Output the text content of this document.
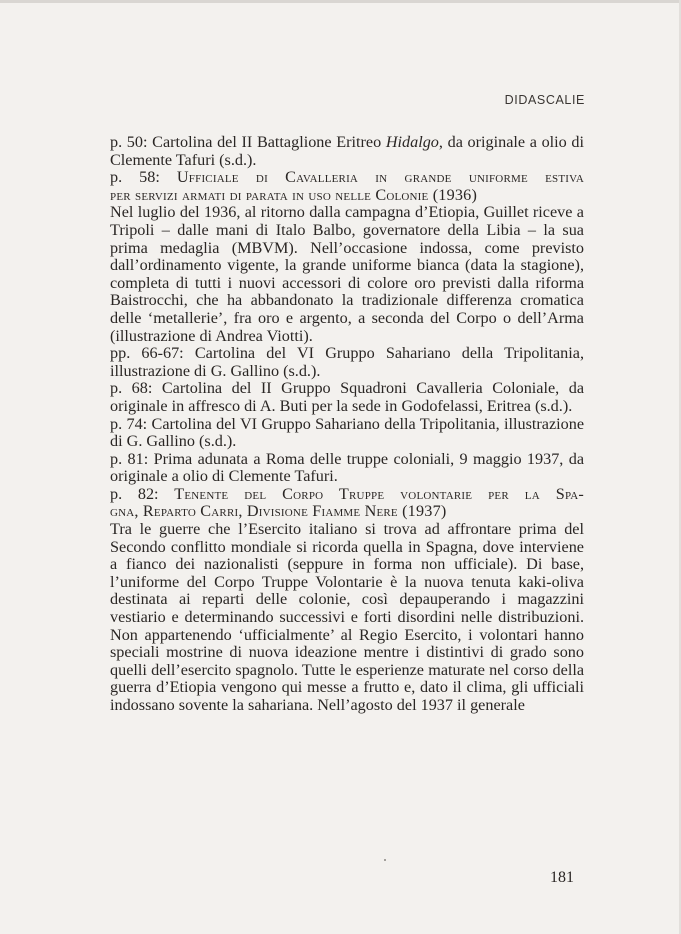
DIDASCALIE

p. 50: Cartolina del II Battaglione Eritreo Hidalgo, da originale a olio di Clemente Tafuri (s.d.).

p. 58: Ufficiale di Cavalleria in grande uniforme estiva
per servizi armati di parata in uso nelle Colonie (1936)
Nel luglio del 1936, al ritorno dalla campagna d’Etiopia, Guillet riceve a Tripoli – dalle mani di Italo Balbo, governatore della Libia – la sua prima medaglia (MBVM). Nell’occasione indossa, come previsto dall’ordinamento vigente, la grande uniforme bianca (data la stagione), completa di tutti i nuovi accessori di colore oro previsti dalla riforma Baistrocchi, che ha abbandonato la tradizionale differenza cromatica delle ‘metallerie’, fra oro e argento, a seconda del Corpo o dell’Arma (illustrazione di Andrea Viotti).

pp. 66-67: Cartolina del VI Gruppo Sahariano della Tripolitania, illustrazione di G. Gallino (s.d.).

p. 68: Cartolina del II Gruppo Squadroni Cavalleria Coloniale, da originale in affresco di A. Buti per la sede in Godofelassi, Eritrea (s.d.).

p. 74: Cartolina del VI Gruppo Sahariano della Tripolitania, illustrazione di G. Gallino (s.d.).

p. 81: Prima adunata a Roma delle truppe coloniali, 9 maggio 1937, da originale a olio di Clemente Tafuri.

p. 82: Tenente del Corpo Truppe volontarie per la Spa-
gna, Reparto Carri, Divisione Fiamme Nere (1937)
Tra le guerre che l’Esercito italiano si trova ad affrontare prima del Secondo conflitto mondiale si ricorda quella in Spagna, dove interviene a fianco dei nazionalisti (seppure in forma non ufficiale). Di base, l’uniforme del Corpo Truppe Volontarie è la nuova tenuta kaki-oliva destinata ai reparti delle colonie, così depauperando i magazzini vestiario e determinando successivi e forti disordini nelle distribuzioni. Non appartenendo ‘ufficialmente’ al Regio Esercito, i volontari hanno speciali mostrine di nuova ideazione mentre i distintivi di grado sono quelli dell’esercito spagnolo. Tutte le esperienze maturate nel corso della guerra d’Etiopia vengono qui messe a frutto e, dato il clima, gli ufficiali indossano sovente la sahariana. Nell’agosto del 1937 il generale

181
